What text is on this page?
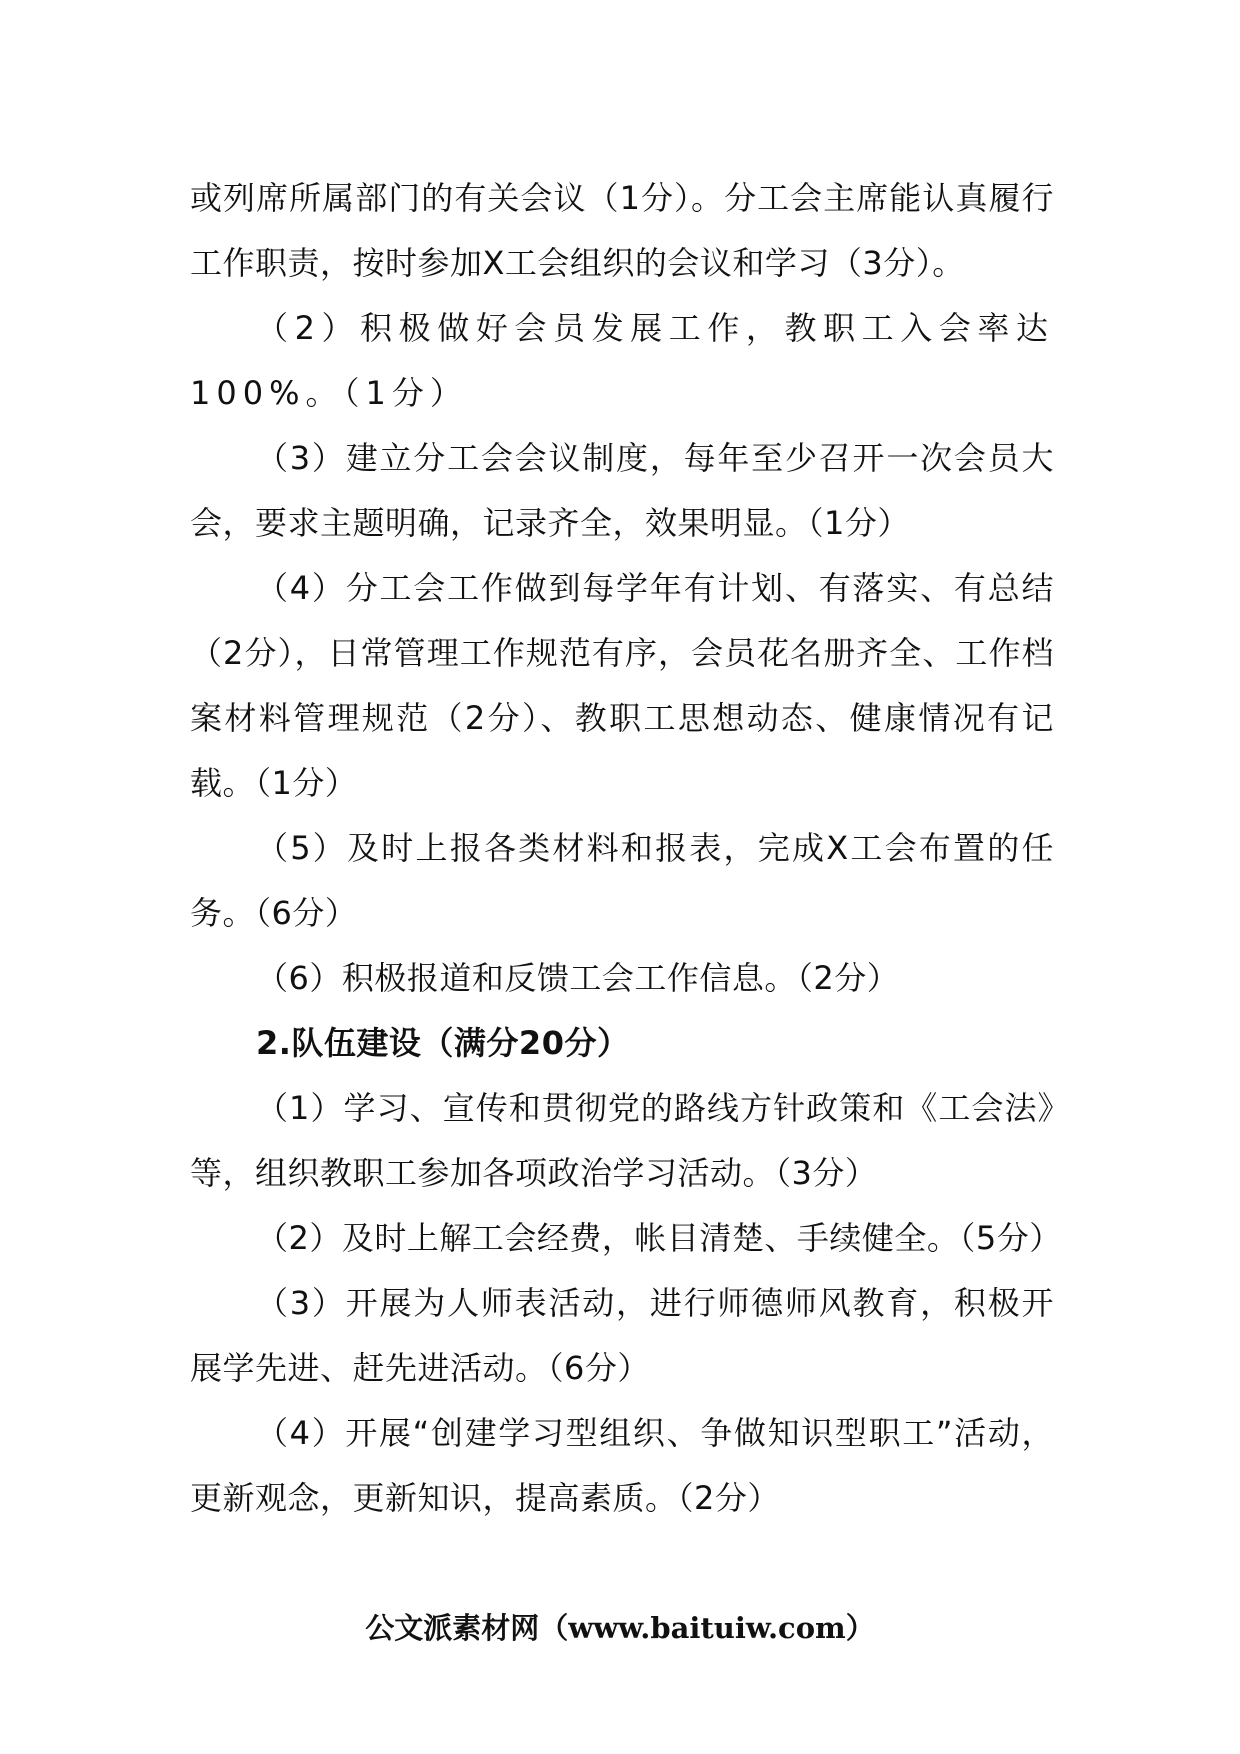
或列席所属部门的有关会议（1分）。分工会主席能认真履行工作职责，按时参加X工会组织的会议和学习（3分）。

（2）积极做好会员发展工作，教职工入会率达100%。（1分）

（3）建立分工会会议制度，每年至少召开一次会员大会，要求主题明确，记录齐全，效果明显。（1分）

（4）分工会工作做到每学年有计划、有落实、有总结（2分），日常管理工作规范有序，会员花名册齐全、工作档案材料管理规范（2分）、教职工思想动态、健康情况有记载。（1分）

（5）及时上报各类材料和报表，完成X工会布置的任务。（6分）

（6）积极报道和反馈工会工作信息。（2分）

2.队伍建设（满分20分）

（1）学习、宣传和贯彻党的路线方针政策和《工会法》等，组织教职工参加各项政治学习活动。（3分）

（2）及时上解工会经费，帐目清楚、手续健全。（5分）

（3）开展为人师表活动，进行师德师风教育，积极开展学先进、赶先进活动。（6分）

（4）开展“创建学习型组织、争做知识型职工”活动，更新观念，更新知识，提高素质。（2分）

公文派素材网（www.baituiw.com）
